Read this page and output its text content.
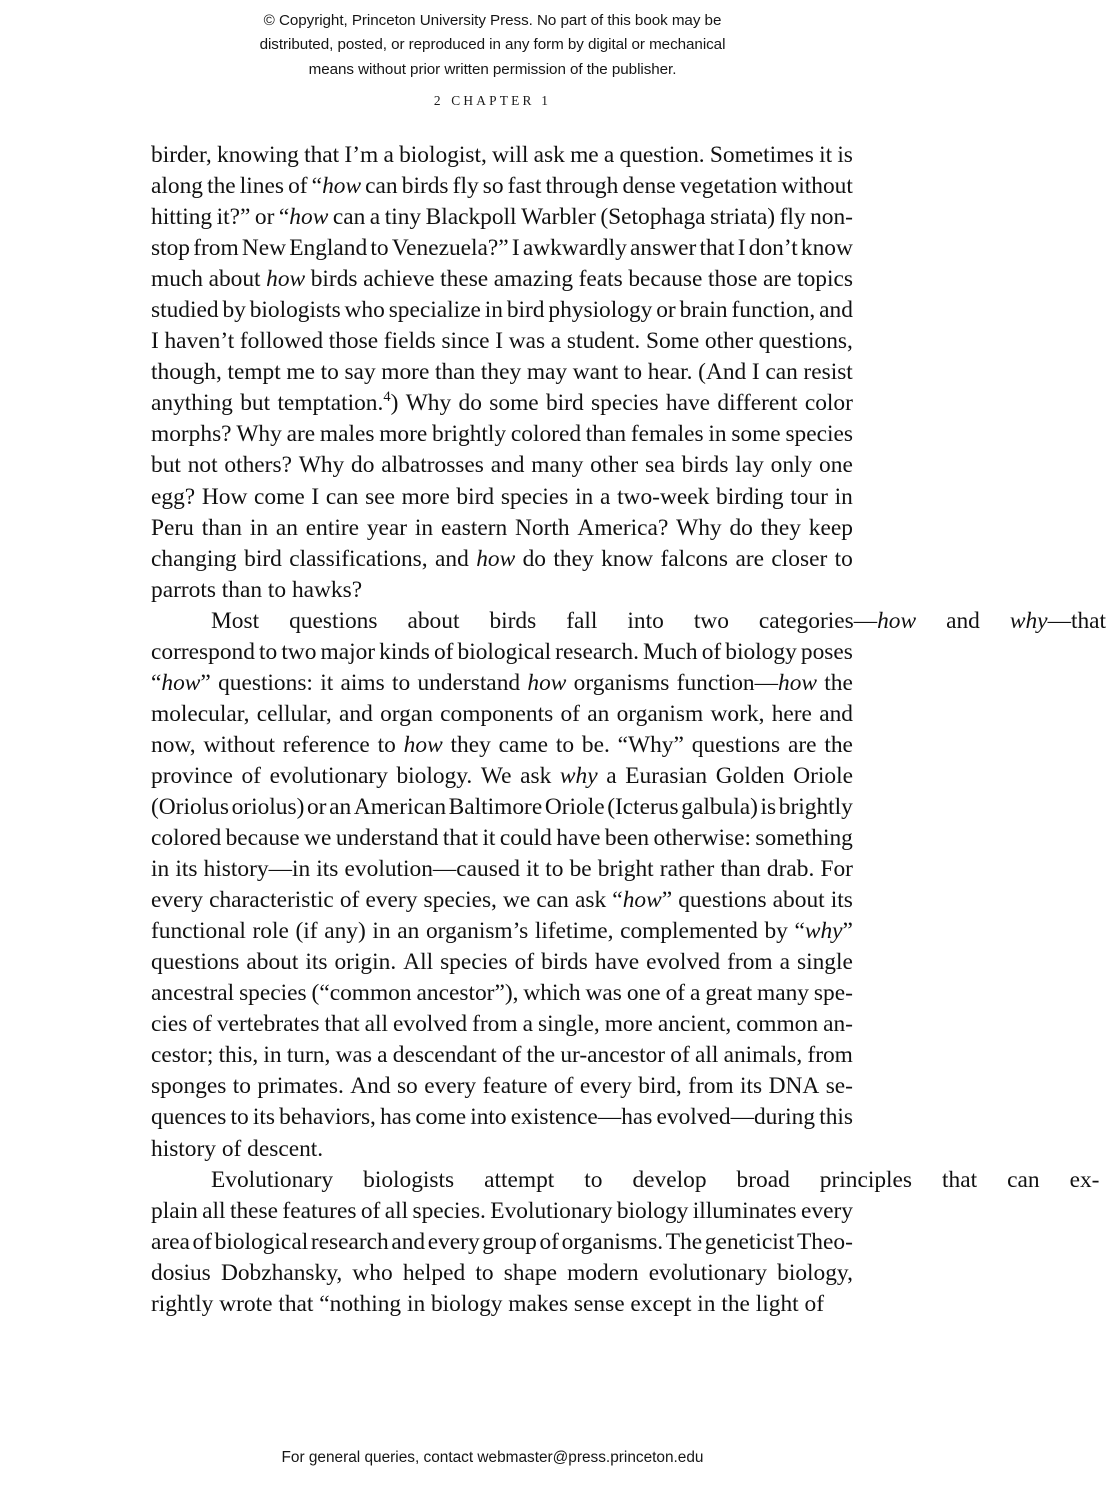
© Copyright, Princeton University Press. No part of this book may be
distributed, posted, or reproduced in any form by digital or mechanical
means without prior written permission of the publisher.
2 CHAPTER 1
birder, knowing that I’m a biologist, will ask me a question. Sometimes it is
along the lines of “how can birds fly so fast through dense vegetation without
hitting it?” or “how can a tiny Blackpoll Warbler (Setophaga striata) fly non-
stop from New England to Venezuela?” I awkwardly answer that I don’t know
much about how birds achieve these amazing feats because those are topics
studied by biologists who specialize in bird physiology or brain function, and
I haven’t followed those fields since I was a student. Some other questions,
though, tempt me to say more than they may want to hear. (And I can resist
anything but temptation.$^4$) Why do some bird species have different color
morphs? Why are males more brightly colored than females in some species
but not others? Why do albatrosses and many other sea birds lay only one
egg? How come I can see more bird species in a two-week birding tour in
Peru than in an entire year in eastern North America? Why do they keep
changing bird classifications, and how do they know falcons are closer to
parrots than to hawks?
Most	questions	about	birds	fall	into	two	categories—how	and	why—that
correspond to two major kinds of biological research. Much of biology poses
“how” questions: it aims to understand how organisms function—how the
molecular, cellular, and organ components of an organism work, here and
now, without reference to how they came to be. “Why” questions are the
province of evolutionary biology. We ask why a Eurasian Golden Oriole
(Oriolus oriolus) or an American Baltimore Oriole (Icterus galbula) is brightly
colored because we understand that it could have been otherwise: something
in its history—in its evolution—caused it to be bright rather than drab. For
every characteristic of every species, we can ask “how” questions about its
functional role (if any) in an organism’s lifetime, complemented by “why”
questions about its origin. All species of birds have evolved from a single
ancestral species (“common ancestor”), which was one of a great many spe-
cies of vertebrates that all evolved from a single, more ancient, common an-
cestor; this, in turn, was a descendant of the ur-ancestor of all animals, from
sponges to primates. And so every feature of every bird, from its DNA se-
quences to its behaviors, has come into existence—has evolved—during this
history of descent.
Evolutionary	biologists	attempt	to	develop	broad	principles	that	can	ex-
plain all these features of all species. Evolutionary biology illuminates every
area of biological research and every group of organisms. The geneticist Theo-
dosius Dobzhansky, who helped to shape modern evolutionary biology,
rightly wrote that “nothing in biology makes sense except in the light of
For general queries, contact webmaster@press.princeton.edu
